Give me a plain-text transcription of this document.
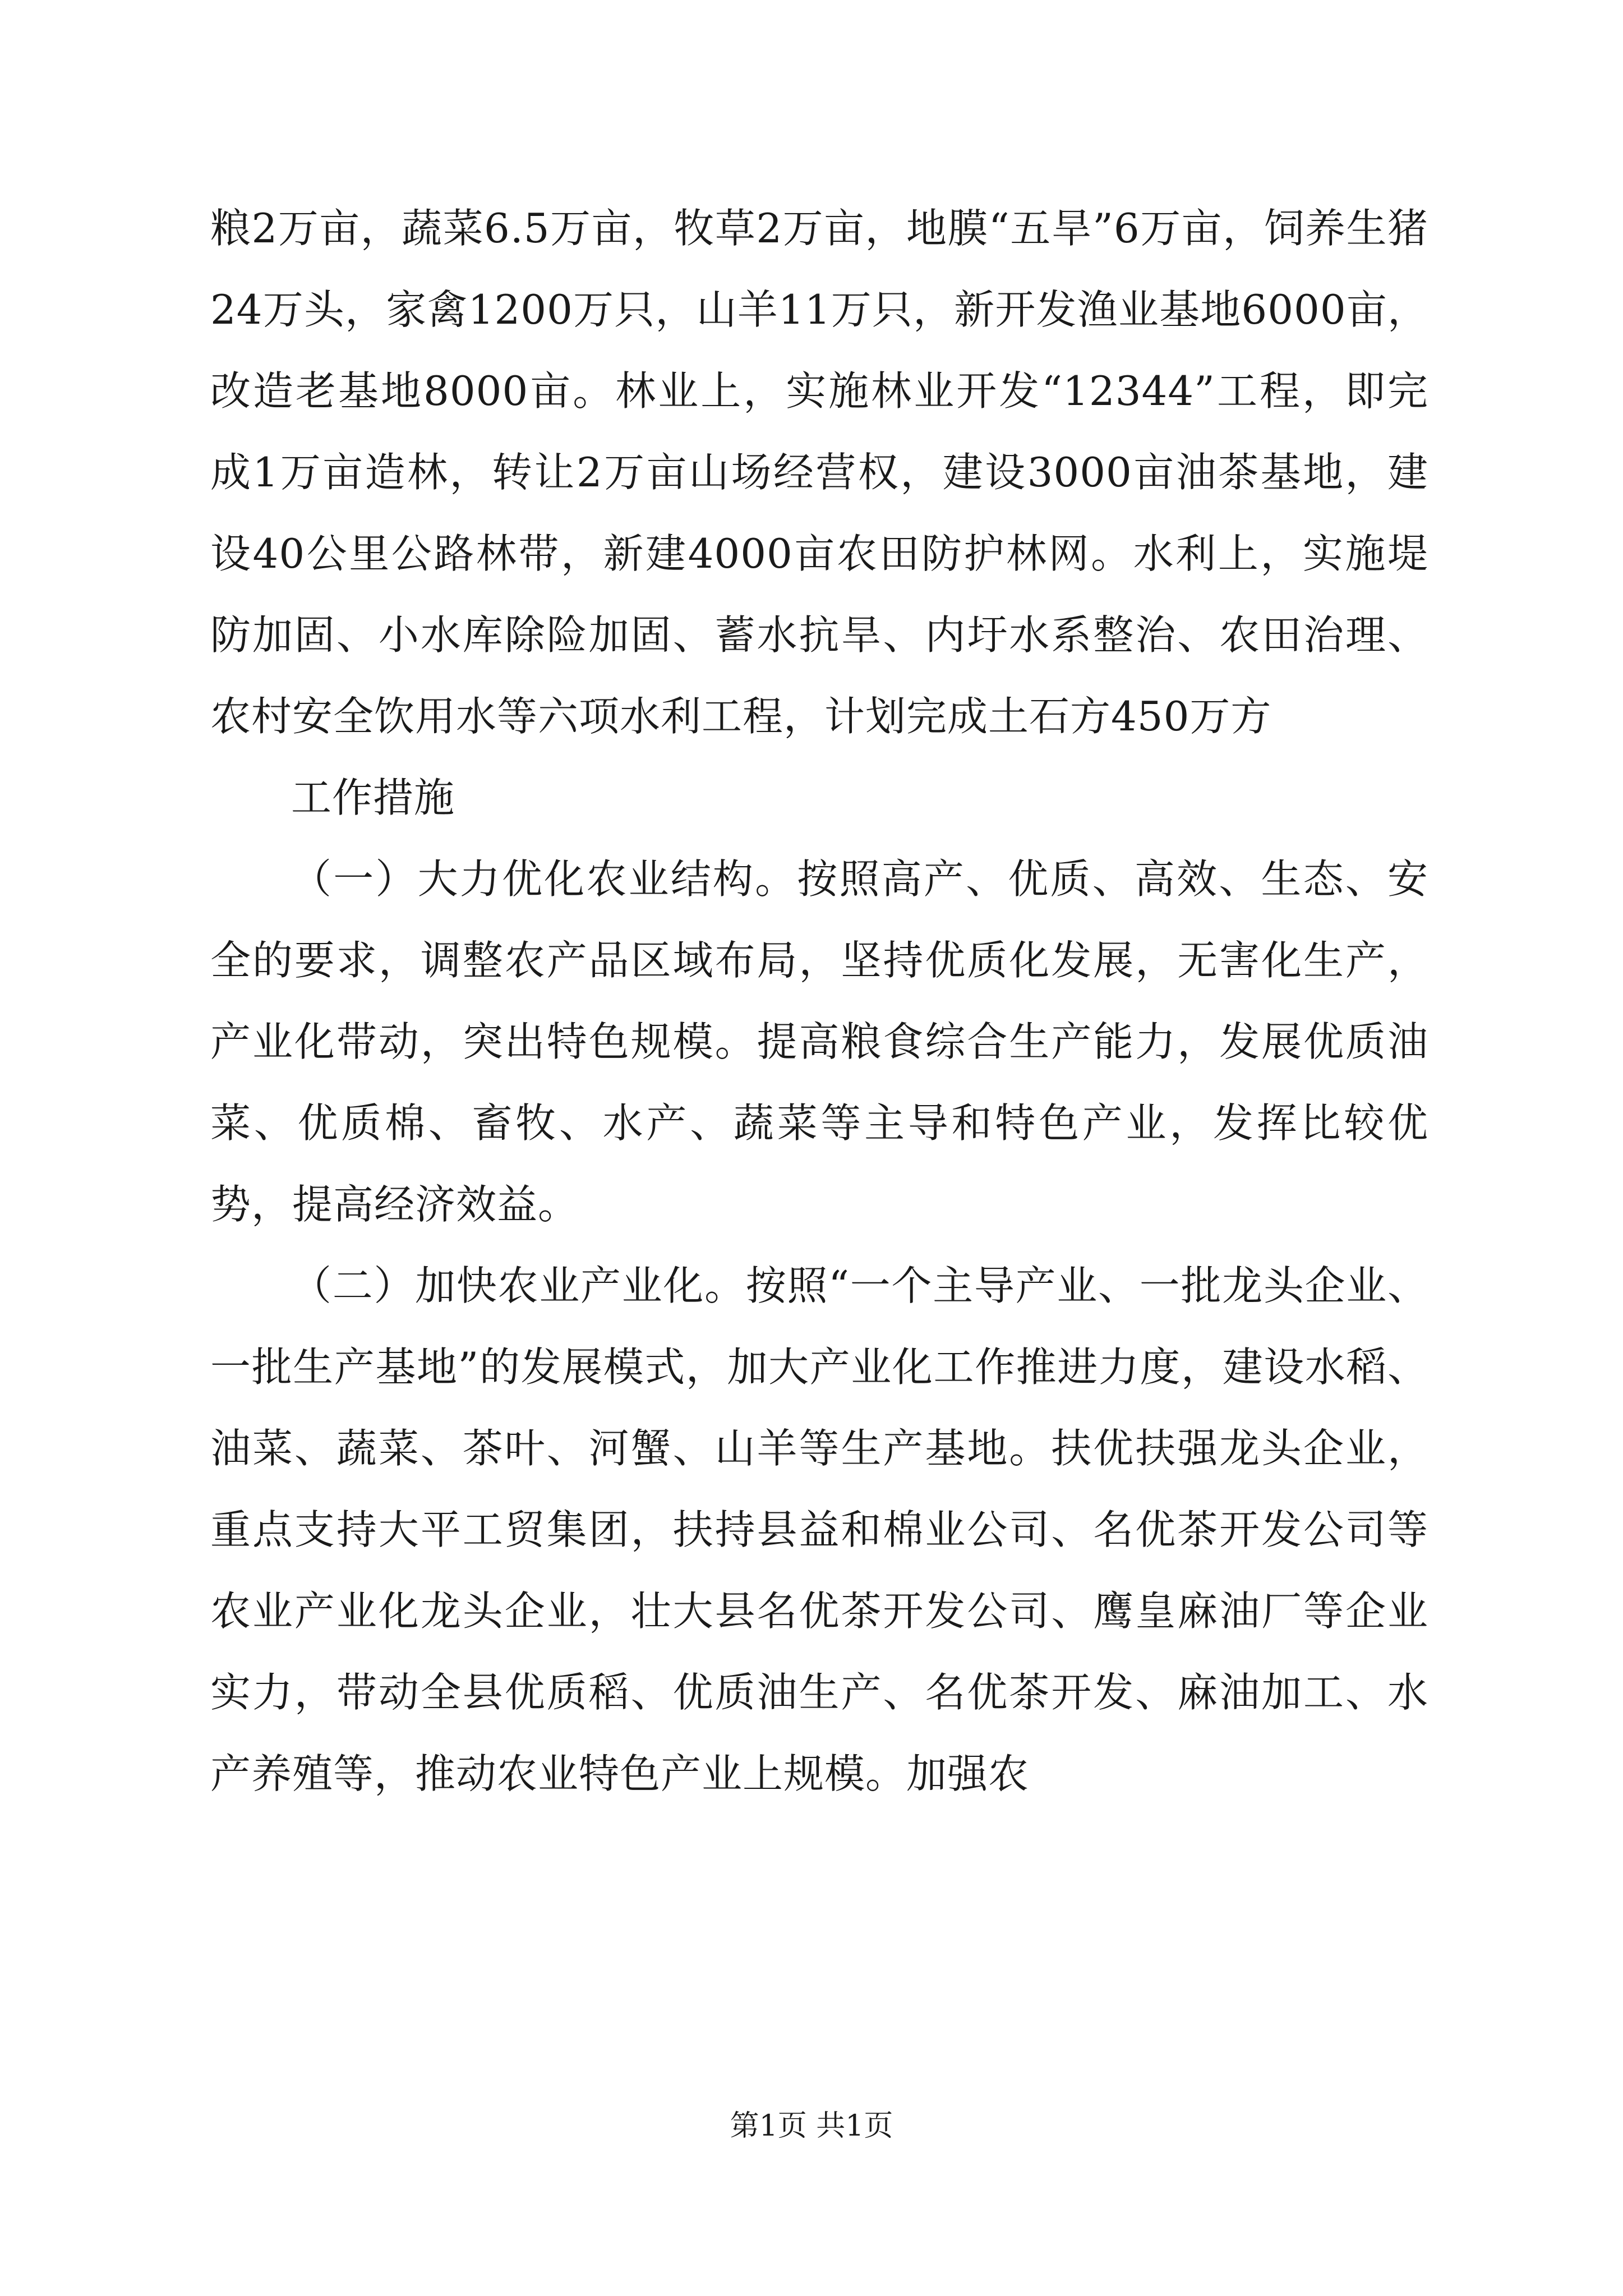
粮2万亩，蔬菜6.5万亩，牧草2万亩，地膜“五旱”6万亩，饲养生猪24万头，家禽1200万只，山羊11万只，新开发渔业基地6000亩，改造老基地8000亩。林业上，实施林业开发“12344”工程，即完成1万亩造林，转让2万亩山场经营权，建设3000亩油茶基地，建设40公里公路林带，新建4000亩农田防护林网。水利上，实施堤防加固、小水库除险加固、蓄水抗旱、内圩水系整治、农田治理、农村安全饮用水等六项水利工程，计划完成土石方450万方

工作措施

（一）大力优化农业结构。按照高产、优质、高效、生态、安全的要求，调整农产品区域布局，坚持优质化发展，无害化生产，产业化带动，突出特色规模。提高粮食综合生产能力，发展优质油菜、优质棉、畜牧、水产、蔬菜等主导和特色产业，发挥比较优势，提高经济效益。

（二）加快农业产业化。按照“一个主导产业、一批龙头企业、一批生产基地”的发展模式，加大产业化工作推进力度，建设水稻、油菜、蔬菜、茶叶、河蟹、山羊等生产基地。扶优扶强龙头企业，重点支持大平工贸集团，扶持县益和棉业公司、名优茶开发公司等农业产业化龙头企业，壮大县名优茶开发公司、鹰皇麻油厂等企业实力，带动全县优质稻、优质油生产、名优茶开发、麻油加工、水产养殖等，推动农业特色产业上规模。加强农

第1页 共1页
